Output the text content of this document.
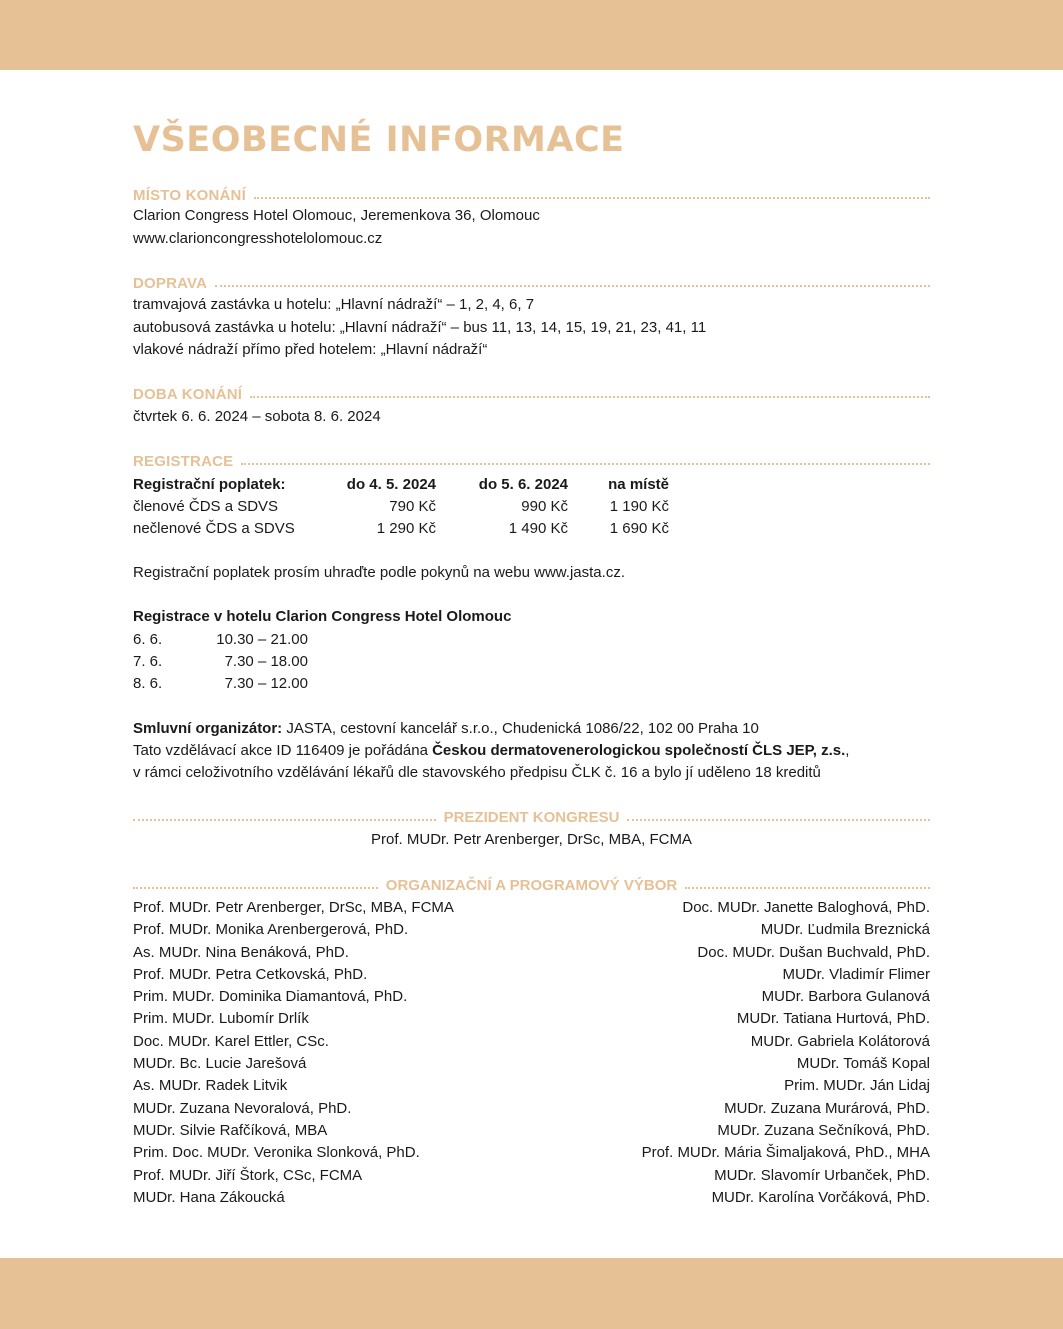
VŠEOBECNÉ INFORMACE
MÍSTO KONÁNÍ
Clarion Congress Hotel Olomouc, Jeremenkova 36, Olomouc
www.clarioncongresshotelolomouc.cz
DOPRAVA
tramvajová zastávka u hotelu: „Hlavní nádraží“ – 1, 2, 4, 6, 7
autobusová zastávka u hotelu: „Hlavní nádraží“ – bus 11, 13, 14, 15, 19, 21, 23, 41, 11
vlakové nádraží přímo před hotelem: „Hlavní nádraží“
DOBA KONÁNÍ
čtvrtek 6. 6. 2024 – sobota 8. 6. 2024
REGISTRACE
Registrační poplatek:	do 4. 5. 2024	do 5. 6. 2024	na místě
členové ČDS a SDVS	790 Kč	990 Kč	1 190 Kč
nečlenové ČDS a SDVS	1 290 Kč	1 490 Kč	1 690 Kč
Registrační poplatek prosím uhraďte podle pokynů na webu www.jasta.cz.
Registrace v hotelu Clarion Congress Hotel Olomouc
6. 6.	10.30 – 21.00
7. 6.	7.30 – 18.00
8. 6.	7.30 – 12.00
Smluvní organizátor: JASTA, cestovní kancelář s.r.o., Chudenická 1086/22, 102 00 Praha 10
Tato vzdělávací akce ID 116409 je pořádána Českou dermatovenerologickou společností ČLS JEP, z.s.,
v rámci celoživotního vzdělávání lékařů dle stavovského předpisu ČLK č. 16 a bylo jí uděleno 18 kreditů
PREZIDENT KONGRESU
Prof. MUDr. Petr Arenberger, DrSc, MBA, FCMA
ORGANIZAČNÍ A PROGRAMOVÝ VÝBOR
Prof. MUDr. Petr Arenberger, DrSc, MBA, FCMA	Doc. MUDr. Janette Baloghová, PhD.
Prof. MUDr. Monika Arenbergerová, PhD.	MUDr. Ľudmila Breznická
As. MUDr. Nina Benáková, PhD.	Doc. MUDr. Dušan Buchvald, PhD.
Prof. MUDr. Petra Cetkovská, PhD.	MUDr. Vladimír Flimer
Prim. MUDr. Dominika Diamantová, PhD.	MUDr. Barbora Gulanová
Prim. MUDr. Lubomír Drlík	MUDr. Tatiana Hurtová, PhD.
Doc. MUDr. Karel Ettler, CSc.	MUDr. Gabriela Kolátorová
MUDr. Bc. Lucie Jarešová	MUDr. Tomáš Kopal
As. MUDr. Radek Litvik	Prim. MUDr. Ján Lidaj
MUDr. Zuzana Nevoralová, PhD.	MUDr. Zuzana Murárová, PhD.
MUDr. Silvie Rafčíková, MBA	MUDr. Zuzana Sečníková, PhD.
Prim. Doc. MUDr. Veronika Slonková, PhD.	Prof. MUDr. Mária Šimaljaková, PhD., MHA
Prof. MUDr. Jiří Štork, CSc, FCMA	MUDr. Slavomír Urbanček, PhD.
MUDr. Hana Zákoucká	MUDr. Karolína Vorčáková, PhD.
